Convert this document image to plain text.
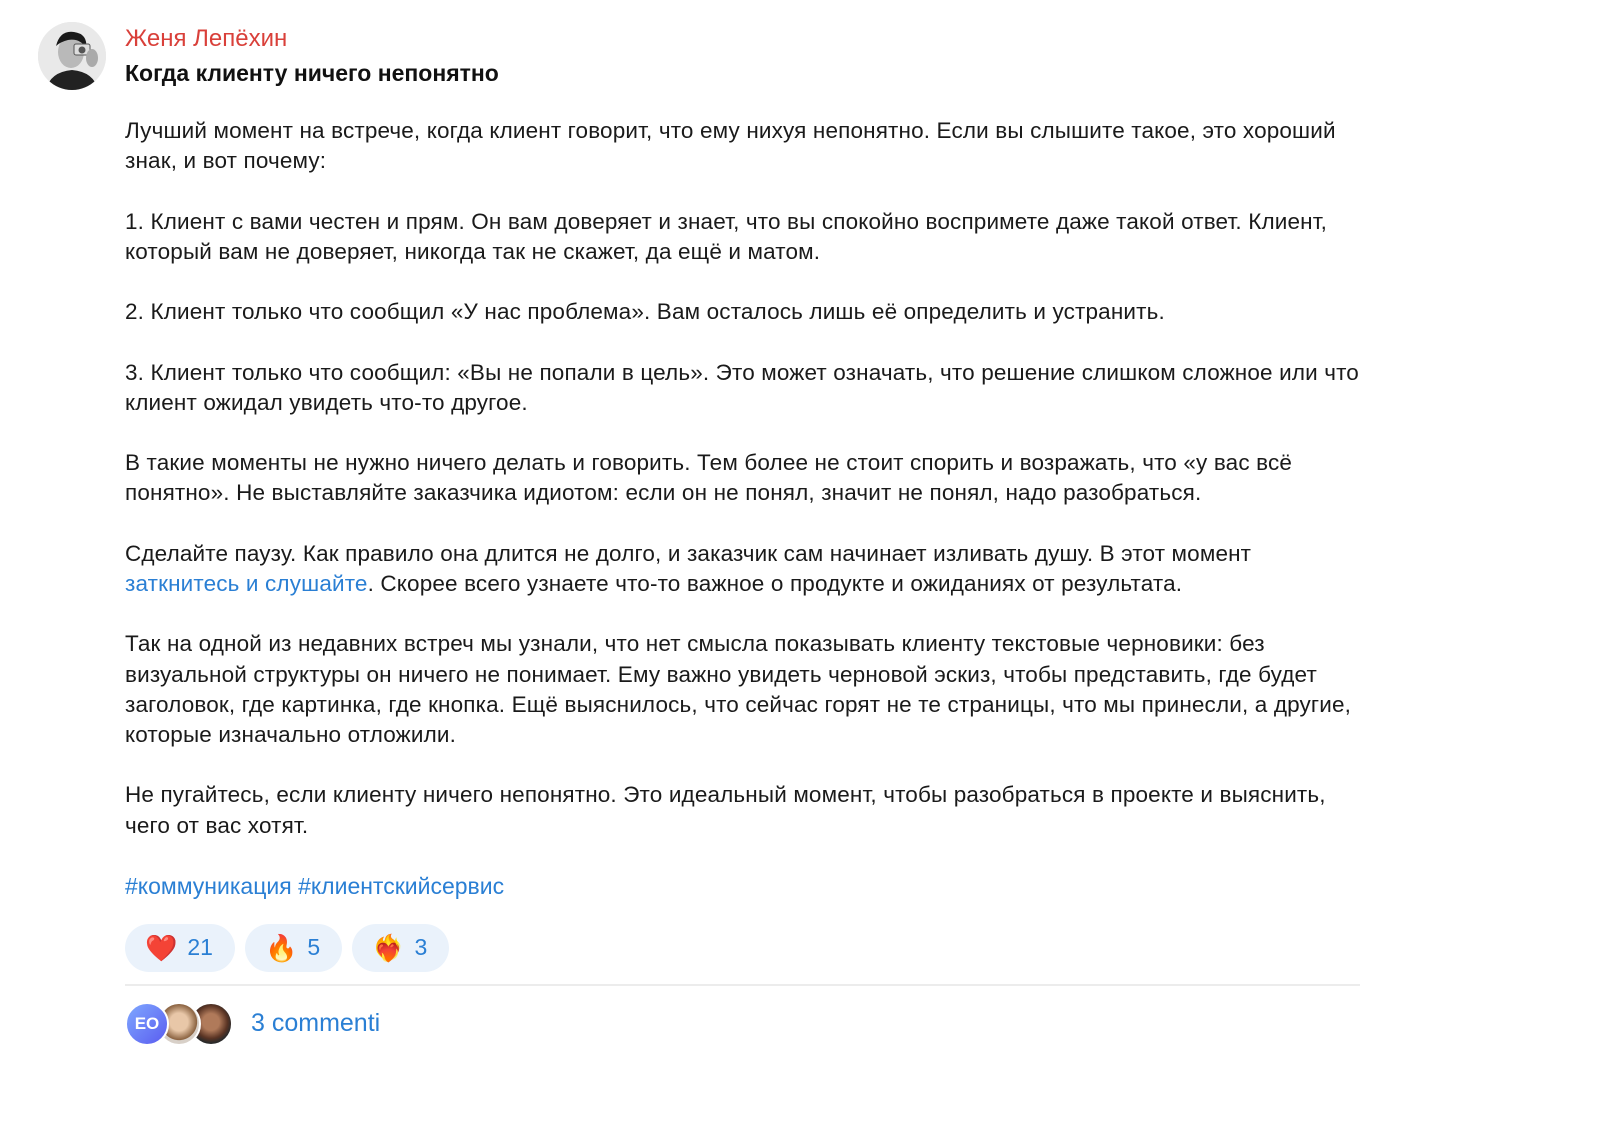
Женя Лепёхин
Когда клиенту ничего непонятно

Лучший момент на встрече, когда клиент говорит, что ему нихуя непонятно. Если вы слышите такое, это хороший знак, и вот почему:

1. Клиент с вами честен и прям. Он вам доверяет и знает, что вы спокойно воспримете даже такой ответ. Клиент, который вам не доверяет, никогда так не скажет, да ещё и матом.

2. Клиент только что сообщил «У нас проблема». Вам осталось лишь её определить и устранить.

3. Клиент только что сообщил: «Вы не попали в цель». Это может означать, что решение слишком сложное или что клиент ожидал увидеть что-то другое.

В такие моменты не нужно ничего делать и говорить. Тем более не стоит спорить и возражать, что «у вас всё понятно». Не выставляйте заказчика идиотом: если он не понял, значит не понял, надо разобраться.

Сделайте паузу. Как правило она длится не долго, и заказчик сам начинает изливать душу. В этот момент заткнитесь и слушайте. Скорее всего узнаете что-то важное о продукте и ожиданиях от результата.

Так на одной из недавних встреч мы узнали, что нет смысла показывать клиенту текстовые черновики: без визуальной структуры он ничего не понимает. Ему важно увидеть черновой эскиз, чтобы представить, где будет заголовок, где картинка, где кнопка. Ещё выяснилось, что сейчас горят не те страницы, что мы принесли, а другие, которые изначально отложили.

Не пугайтесь, если клиенту ничего непонятно. Это идеальный момент, чтобы разобраться в проекте и выяснить, чего от вас хотят.

#коммуникация #клиентскийсервис
❤️ 21 🔥 5 ❤️‍🔥 3
EO	3 commenti
